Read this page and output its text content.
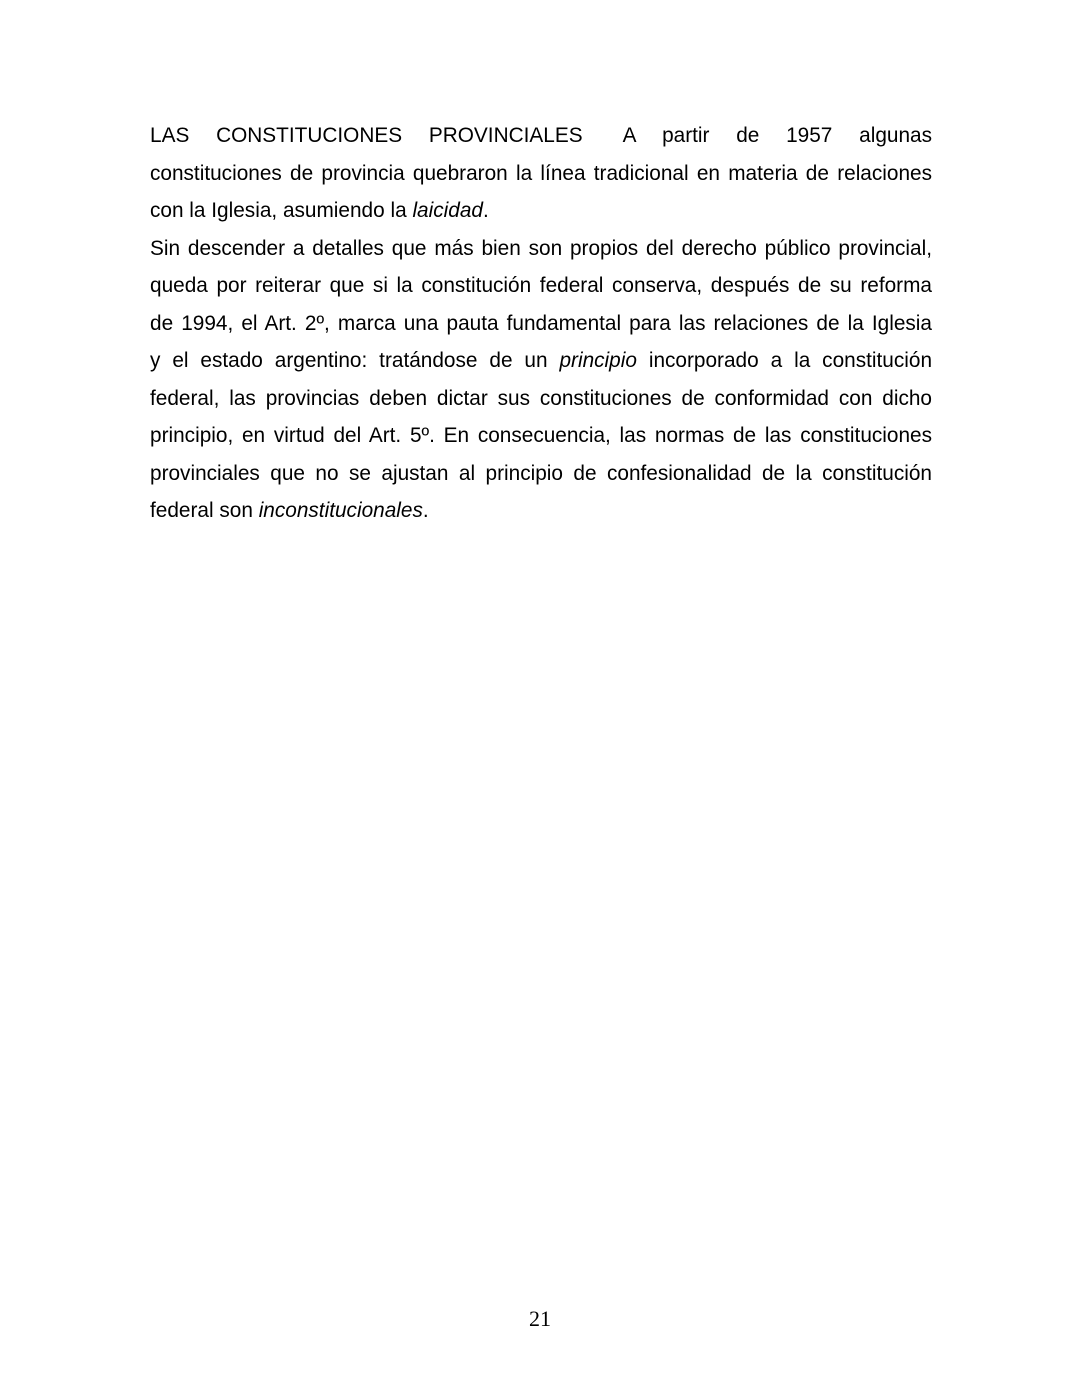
LAS CONSTITUCIONES PROVINCIALES A partir de 1957 algunas
constituciones de provincia quebraron la línea tradicional en materia de relaciones
con la Iglesia, asumiendo la laicidad.
Sin descender a detalles que más bien son propios del derecho público provincial,
queda por reiterar que si la constitución federal conserva, después de su reforma
de 1994, el Art. 2º, marca una pauta fundamental para las relaciones de la Iglesia
y el estado argentino: tratándose de un principio incorporado a la constitución
federal, las provincias deben dictar sus constituciones de conformidad con dicho
principio, en virtud del Art. 5º. En consecuencia, las normas de las constituciones
provinciales que no se ajustan al principio de confesionalidad de la constitución
federal son inconstitucionales.
21
